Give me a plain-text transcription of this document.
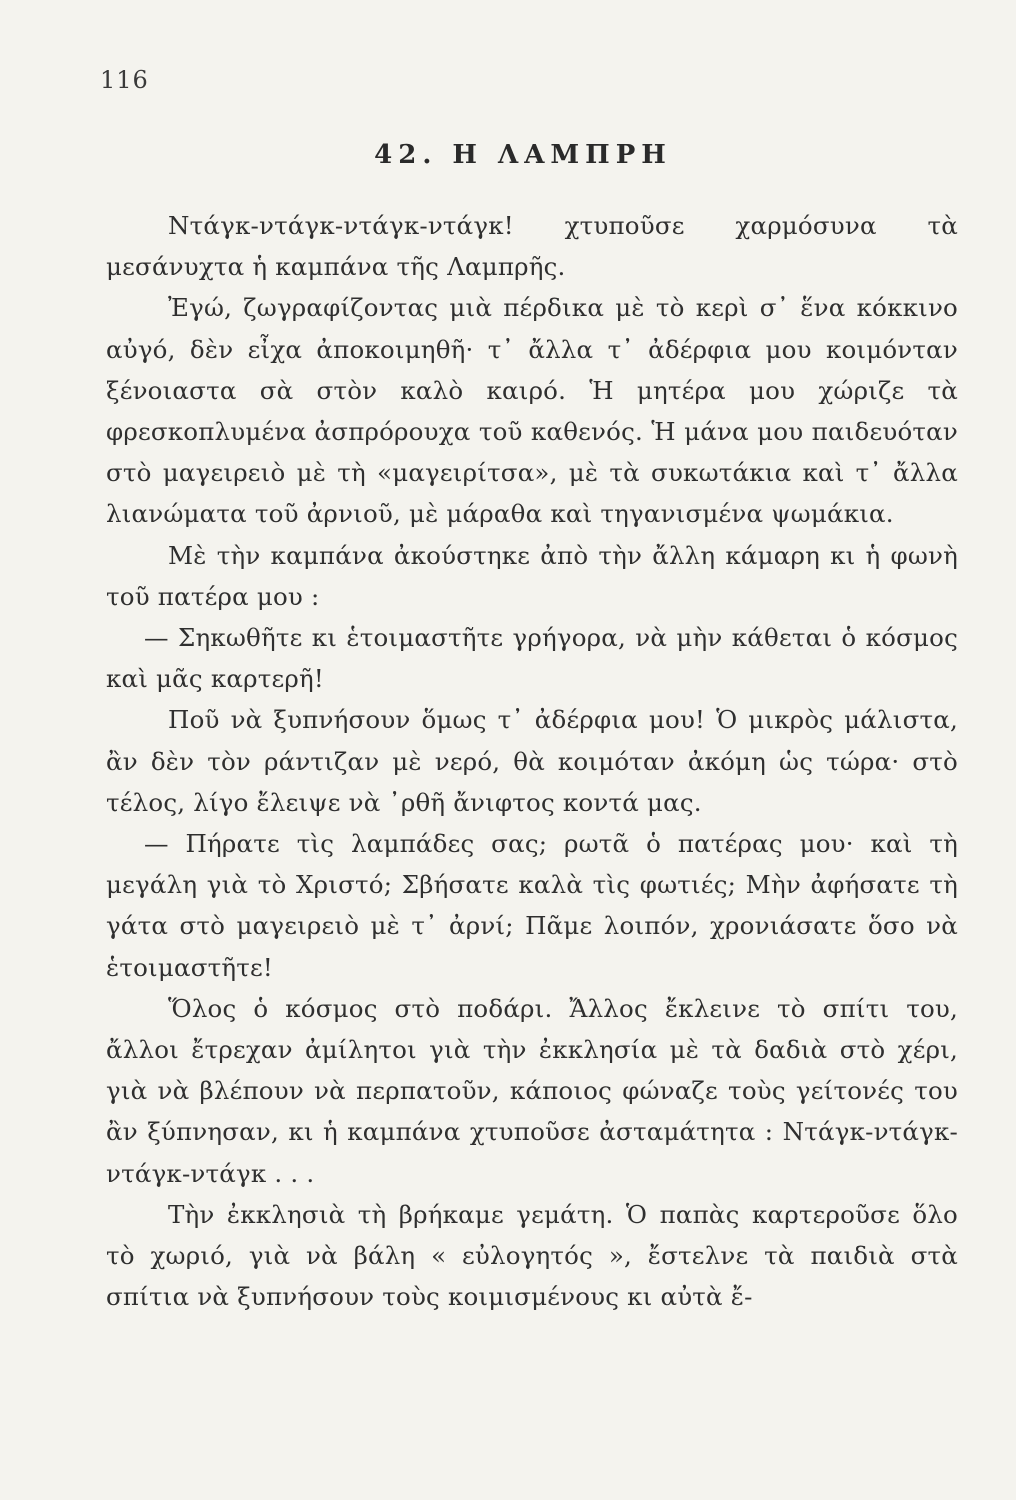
116
42. Η ΛΑΜΠΡΗ

Ντάγκ-ντάγκ-ντάγκ-ντάγκ! χτυποῦσε χαρμόσυνα τὰ μεσάνυχτα ἡ καμπάνα τῆς Λαμπρῆς.

Ἐγώ, ζωγραφίζοντας μιὰ πέρδικα μὲ τὸ κερὶ σ᾽ ἕνα κόκκινο αὐγό, δὲν εἶχα ἀποκοιμηθῆ· τ᾽ ἄλλα τ᾽ ἀδέρφια μου κοιμόνταν ξένοιαστα σὰ στὸν καλὸ καιρό. Ἡ μητέρα μου χώριζε τὰ φρεσκοπλυμένα ἀσπρόρουχα τοῦ καθενός. Ἡ μάνα μου παιδευόταν στὸ μαγειρειὸ μὲ τὴ «μαγειρίτσα», μὲ τὰ συκωτάκια καὶ τ᾽ ἄλλα λιανώματα τοῦ ἀρνιοῦ, μὲ μάραθα καὶ τηγανισμένα ψωμάκια.

Μὲ τὴν καμπάνα ἀκούστηκε ἀπὸ τὴν ἄλλη κάμαρη κι ἡ φωνὴ τοῦ πατέρα μου :

— Σηκωθῆτε κι ἑτοιμαστῆτε γρήγορα, νὰ μὴν κάθεται ὁ κόσμος καὶ μᾶς καρτερῆ!

Ποῦ νὰ ξυπνήσουν ὅμως τ᾽ ἀδέρφια μου! Ὁ μικρὸς μάλιστα, ἂν δὲν τὸν ράντιζαν μὲ νερό, θὰ κοιμόταν ἀκόμη ὡς τώρα· στὸ τέλος, λίγο ἔλειψε νὰ ᾽ρθῆ ἄνιφτος κοντά μας.

— Πήρατε τὶς λαμπάδες σας; ρωτᾶ ὁ πατέρας μου· καὶ τὴ μεγάλη γιὰ τὸ Χριστό; Σβήσατε καλὰ τὶς φωτιές; Μὴν ἀφήσατε τὴ γάτα στὸ μαγειρειὸ μὲ τ᾽ ἀρνί; Πᾶμε λοιπόν, χρονιάσατε ὅσο νὰ ἑτοιμαστῆτε!

Ὅλος ὁ κόσμος στὸ ποδάρι. Ἄλλος ἔκλεινε τὸ σπίτι του, ἄλλοι ἔτρεχαν ἀμίλητοι γιὰ τὴν ἐκκλησία μὲ τὰ δαδιὰ στὸ χέρι, γιὰ νὰ βλέπουν νὰ περπατοῦν, κάποιος φώναζε τοὺς γείτονές του ἂν ξύπνησαν, κι ἡ καμπάνα χτυποῦσε ἀσταμάτητα : Ντάγκ-ντάγκ-ντάγκ-ντάγκ . . .

Τὴν ἐκκλησιὰ τὴ βρήκαμε γεμάτη. Ὁ παπὰς καρτεροῦσε ὅλο τὸ χωριό, γιὰ νὰ βάλη « εὐλογητός », ἔστελνε τὰ παιδιὰ στὰ σπίτια νὰ ξυπνήσουν τοὺς κοιμισμένους κι αὐτὰ ἔ-
